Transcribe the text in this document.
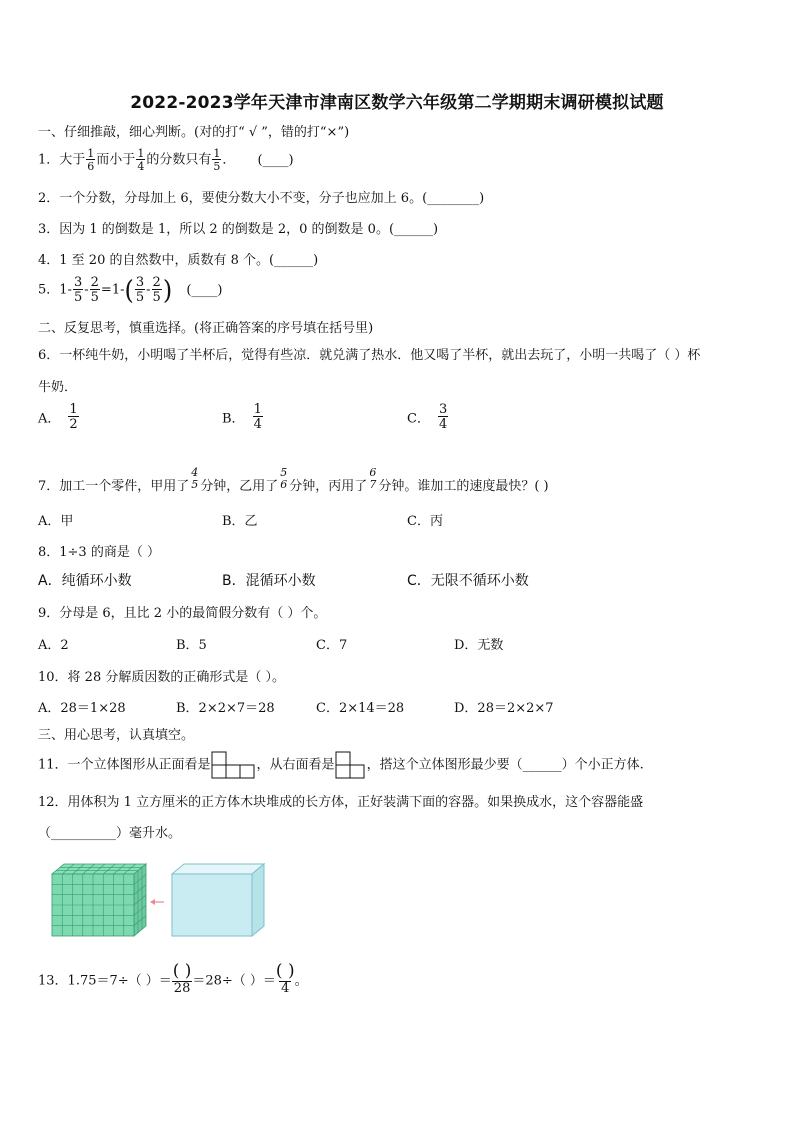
2022-2023学年天津市津南区数学六年级第二学期期末调研模拟试题
一、仔细推敲，细心判断。(对的打“ √ ”，错的打“×”)
1．大于 $\frac{1}{6}$ 而小于 $\frac{1}{4}$ 的分数只有 $\frac{1}{5}$ ． (____)
2．一个分数，分母加上 6，要使分数大小不变，分子也应加上 6。(________)
3．因为 1 的倒数是 1，所以 2 的倒数是 2，0 的倒数是 0。(______)
4．1 至 20 的自然数中，质数有 8 个。(______)
5．$1- \frac{3}{5} - \frac{2}{5} =1-( \frac{3}{5} - \frac{2}{5}$ ) (____)
二、反复思考，慎重选择。(将正确答案的序号填在括号里)
6．一杯纯牛奶，小明喝了半杯后，觉得有些凉．就兑满了热水．他又喝了半杯，就出去玩了，小明一共喝了（ ）杯
牛奶．
A． $\frac{1}{2}$	B． $\frac{1}{4}$	C． $\frac{3}{4}$
7．加工一个零件，甲用了
4
5 分钟，乙用了
5
6 分钟，丙用了
6
7 分钟。谁加工的速度最快？( )
A．甲	B．乙	C．丙
8．1÷3 的商是（ ）
A．纯循环小数	B．混循环小数	C．无限不循环小数
9．分母是 6，且比 2 小的最简假分数有（ ）个。
A．2	B．5	C．7	D．无数
10．将 28 分解质因数的正确形式是（ ）。
A．28＝1×28	B．2×2×7＝28	C．2×14＝28	D．28＝2×2×7
三、用心思考，认真填空。
11．一个立体图形从正面看是	，从右面看是 ，搭这个立体图形最少要（______）个小正方体.
12．用体积为 1 立方厘米的正方体木块堆成的长方体，正好装满下面的容器。如果换成水，这个容器能盛
（__________）毫升水。
13．1.75＝7÷（ ）＝ $\frac{( )}{28} =28\div$（ ）＝ $\frac{( )}{4}$ 。
